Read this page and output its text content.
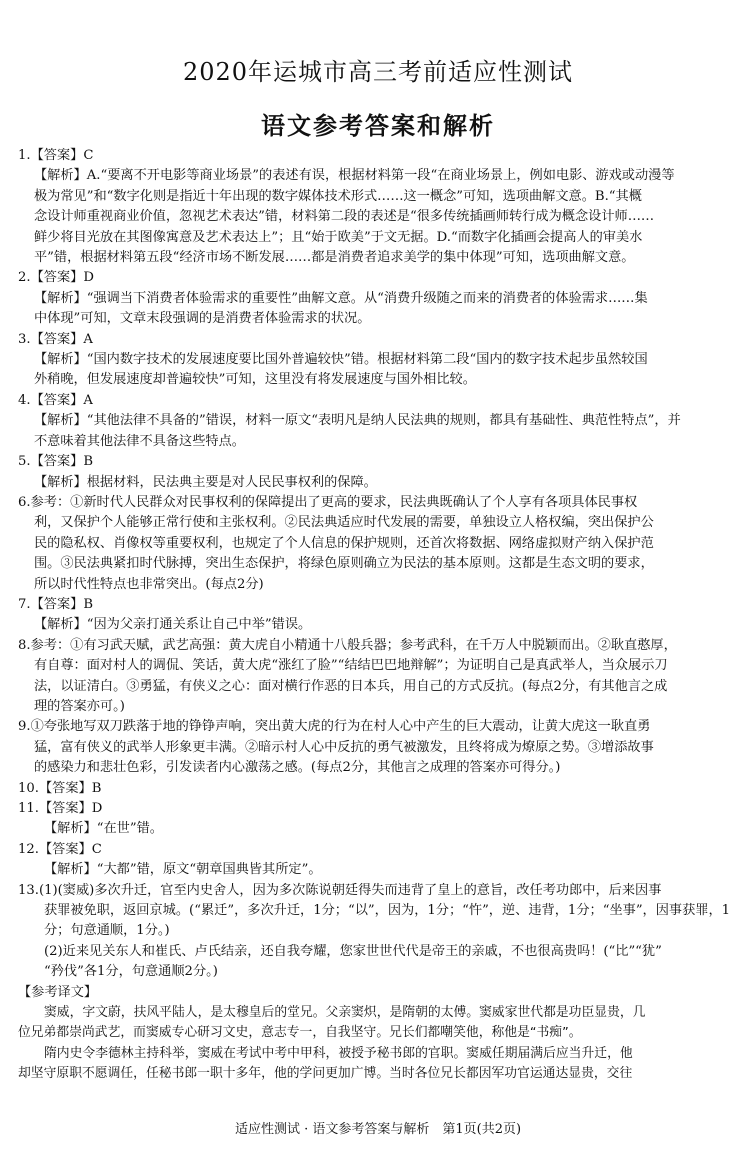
2020年运城市高三考前适应性测试
语文参考答案和解析
1.【答案】C
【解析】A.“要离不开电影等商业场景”的表述有误，根据材料第一段“在商业场景上，例如电影、游戏或动漫等
极为常见”和“数字化则是指近十年出现的数字媒体技术形式……这一概念”可知，选项曲解文意。B.“其概
念设计师重视商业价值，忽视艺术表达”错，材料第二段的表述是“很多传统插画师转行成为概念设计师……
鲜少将目光放在其图像寓意及艺术表达上”；且“始于欧美”于文无据。D.“而数字化插画会提高人的审美水
平”错，根据材料第五段“经济市场不断发展……都是消费者追求美学的集中体现”可知，选项曲解文意。
2.【答案】D
【解析】“强调当下消费者体验需求的重要性”曲解文意。从“消费升级随之而来的消费者的体验需求……集
中体现”可知，文章末段强调的是消费者体验需求的状况。
3.【答案】A
【解析】“国内数字技术的发展速度要比国外普遍较快”错。根据材料第二段“国内的数字技术起步虽然较国
外稍晚，但发展速度却普遍较快”可知，这里没有将发展速度与国外相比较。
4.【答案】A
【解析】“其他法律不具备的”错误，材料一原文“表明凡是纳人民法典的规则，都具有基础性、典范性特点”，并
不意味着其他法律不具备这些特点。
5.【答案】B
【解析】根据材料，民法典主要是对人民民事权利的保障。
6.参考：①新时代人民群众对民事权利的保障提出了更高的要求，民法典既确认了个人享有各项具体民事权
利，又保护个人能够正常行使和主张权利。②民法典适应时代发展的需要，单独设立人格权编，突出保护公
民的隐私权、肖像权等重要权利，也规定了个人信息的保护规则，还首次将数据、网络虚拟财产纳入保护范
围。③民法典紧扣时代脉搏，突出生态保护，将绿色原则确立为民法的基本原则。这都是生态文明的要求，
所以时代性特点也非常突出。(每点2分)
7.【答案】B
【解析】“因为父亲打通关系让自己中举”错误。
8.参考：①有习武天赋，武艺高强：黄大虎自小精通十八般兵器；参考武科，在千万人中脱颖而出。②耿直憨厚，
有自尊：面对村人的调侃、笑话，黄大虎“涨红了脸”“结结巴巴地辩解”；为证明自己是真武举人，当众展示刀
法，以证清白。③勇猛，有侠义之心：面对横行作恶的日本兵，用自己的方式反抗。(每点2分，有其他言之成
理的答案亦可。)
9.①夸张地写双刀跌落于地的铮铮声响，突出黄大虎的行为在村人心中产生的巨大震动，让黄大虎这一耿直勇
猛，富有侠义的武举人形象更丰满。②暗示村人心中反抗的勇气被激发，且终将成为燎原之势。③增添故事
的感染力和悲壮色彩，引发读者内心激荡之感。(每点2分，其他言之成理的答案亦可得分。)
10.【答案】B
11.【答案】D
【解析】“在世”错。
12.【答案】C
【解析】“大都”错，原文“朝章国典皆其所定”。
13.(1)(窦威)多次升迁，官至内史舍人，因为多次陈说朝廷得失而违背了皇上的意旨，改任考功郎中，后来因事
获罪被免职，返回京城。(“累迁”，多次升迁，1分；“以”，因为，1分；“忤”，逆、违背，1分；“坐事”，因事获罪，1
分；句意通顺，1分。)
(2)近来见关东人和崔氏、卢氏结亲，还自我夸耀，您家世世代代是帝王的亲戚，不也很高贵吗！(“比”“犹”
“矜伐”各1分，句意通顺2分。)
【参考译文】
窦威，字文蔚，扶风平陆人，是太穆皇后的堂兄。父亲窦炽，是隋朝的太傅。窦威家世代都是功臣显贵，几
位兄弟都崇尚武艺，而窦威专心研习文史，意志专一，自我坚守。兄长们都嘲笑他，称他是“书痴”。
隋内史令李德林主持科举，窦威在考试中考中甲科，被授予秘书郎的官职。窦威任期届满后应当升迁，他
却坚守原职不愿调任，任秘书郎一职十多年，他的学问更加广博。当时各位兄长都因军功官运通达显贵，交往
适应性测试 · 语文参考答案与解析　第1页(共2页)
